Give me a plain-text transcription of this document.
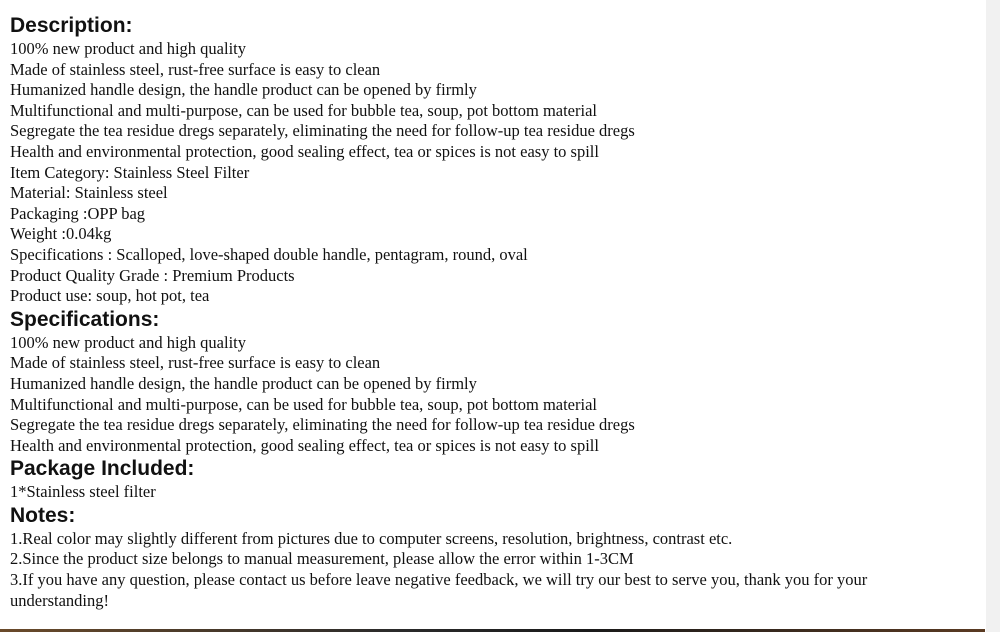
Description:

100% new product and high quality

Made of stainless steel, rust-free surface is easy to clean

Humanized handle design, the handle product can be opened by firmly

Multifunctional and multi-purpose, can be used for bubble tea, soup, pot bottom material

Segregate the tea residue dregs separately, eliminating the need for follow-up tea residue dregs

Health and environmental protection, good sealing effect, tea or spices is not easy to spill

Item Category: Stainless Steel Filter

Material: Stainless steel

Packaging :OPP bag

Weight :0.04kg

Specifications : Scalloped, love-shaped double handle, pentagram, round, oval

Product Quality Grade : Premium Products

Product use: soup, hot pot, tea

Specifications:

100% new product and high quality

Made of stainless steel, rust-free surface is easy to clean

Humanized handle design, the handle product can be opened by firmly

Multifunctional and multi-purpose, can be used for bubble tea, soup, pot bottom material

Segregate the tea residue dregs separately, eliminating the need for follow-up tea residue dregs

Health and environmental protection, good sealing effect, tea or spices is not easy to spill

Package Included:

1*Stainless steel filter

Notes:

1.Real color may slightly different from pictures due to computer screens, resolution, brightness, contrast etc.

2.Since the product size belongs to manual measurement, please allow the error within 1-3CM

3.If you have any question, please contact us before leave negative feedback, we will try our best to serve you, thank you for your understanding!
